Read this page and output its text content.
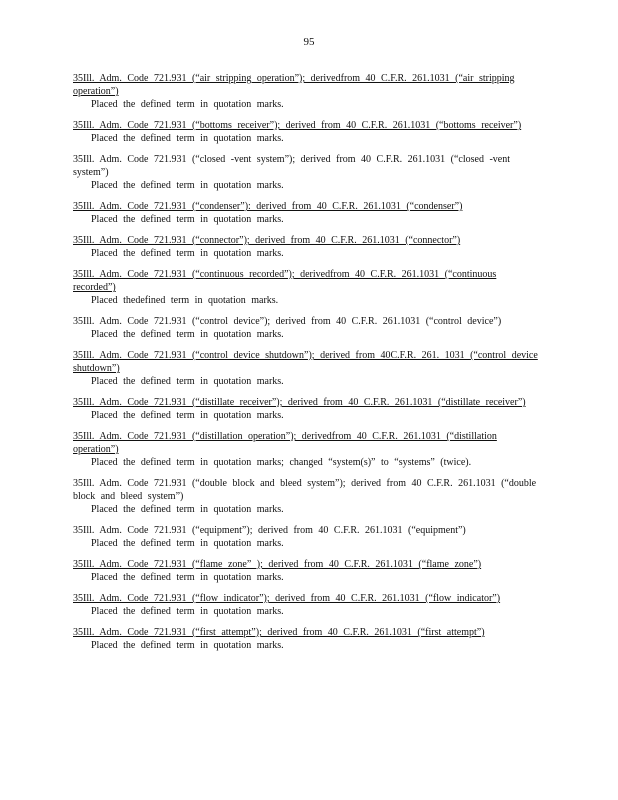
95
35Ill. Adm. Code 721.931 (“air stripping operation”); derivedfrom 40 C.F.R. 261.1031 (“air stripping operation”)
Placed the defined term in quotation marks.
35Ill. Adm. Code 721.931 (“bottoms receiver”); derived from 40 C.F.R. 261.1031 (“bottoms receiver”)
Placed the defined term in quotation marks.
35Ill. Adm. Code 721.931 (“closed -vent system”); derived from 40 C.F.R. 261.1031 (“closed -vent system”)
Placed the defined term in quotation marks.
35Ill. Adm. Code 721.931 (“condenser”): derived from 40 C.F.R. 261.1031 (“condenser”)
Placed the defined term in quotation marks.
35Ill. Adm. Code 721.931 (“connector”); derived from 40 C.F.R. 261.1031 (“connector”)
Placed the defined term in quotation marks.
35Ill. Adm. Code 721.931 (“continuous recorded”); derivedfrom 40 C.F.R. 261.1031 (“continuous recorded”)
Placed thedefined term in quotation marks.
35Ill. Adm. Code 721.931 (“control device”); derived from 40 C.F.R. 261.1031 (“control device”)
Placed the defined term in quotation marks.
35Ill. Adm. Code 721.931 (“control device shutdown”); derived from 40C.F.R. 261. 1031 (“control device shutdown”)
Placed the defined term in quotation marks.
35Ill. Adm. Code 721.931 (“distillate receiver”); derived from 40 C.F.R. 261.1031 (“distillate receiver”)
Placed the defined term in quotation marks.
35Ill. Adm. Code 721.931 (“distillation operation”); derivedfrom 40 C.F.R. 261.1031 (“distillation operation”)
Placed the defined term in quotation marks; changed “system(s)” to “systems” (twice).
35Ill. Adm. Code 721.931 (“double block and bleed system”); derived from 40 C.F.R. 261.1031 (“double block and bleed system”)
Placed the defined term in quotation marks.
35Ill. Adm. Code 721.931 (“equipment”); derived from 40 C.F.R. 261.1031 (“equipment”)
Placed the defined term in quotation marks.
35Ill. Adm. Code 721.931 (“flame zone” ); derived from 40 C.F.R. 261.1031 (“flame zone”)
Placed the defined term in quotation marks.
35Ill. Adm. Code 721.931 (“flow indicator”); derived from 40 C.F.R. 261.1031 (“flow indicator”)
Placed the defined term in quotation marks.
35Ill. Adm. Code 721.931 (“first attempt”); derived from 40 C.F.R. 261.1031 (“first attempt”)
Placed the defined term in quotation marks.
